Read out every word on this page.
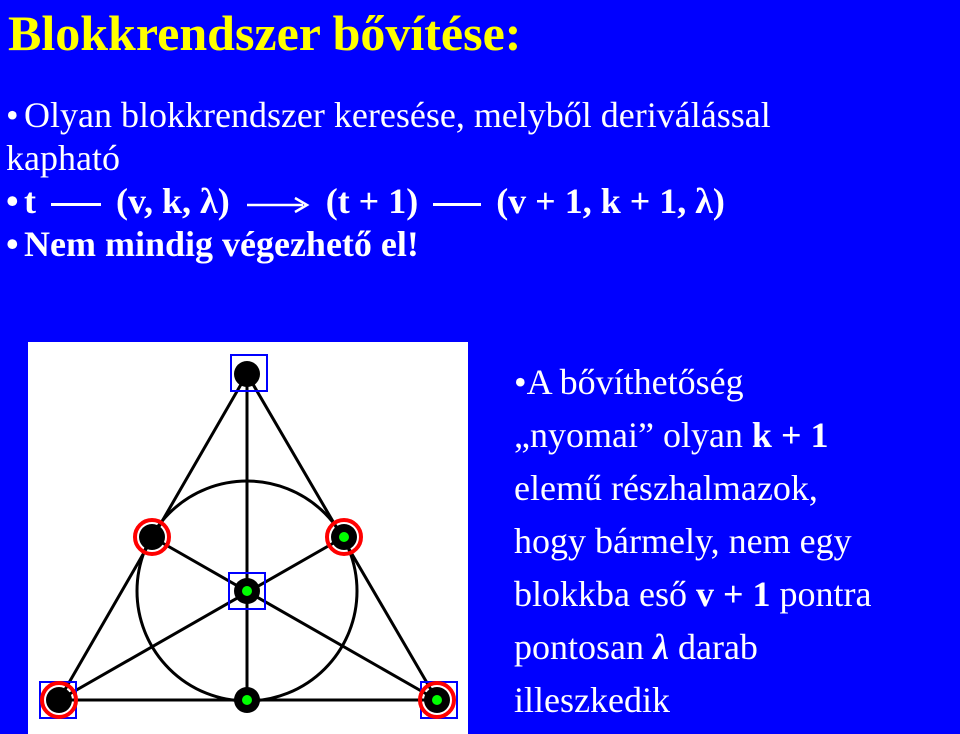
Blokkrendszer bővítése:
• Olyan blokkrendszer keresése, melyből deriválással
kapható
• t (v, k, λ)	(t + 1) (v + 1, k + 1, λ)
• Nem mindig végezhető el!
•A bővíthetőség
„nyomai” olyan k + 1
elemű részhalmazok,
hogy bármely, nem egy
blokkba eső v + 1 pontra
pontosan λ darab
illeszkedik
